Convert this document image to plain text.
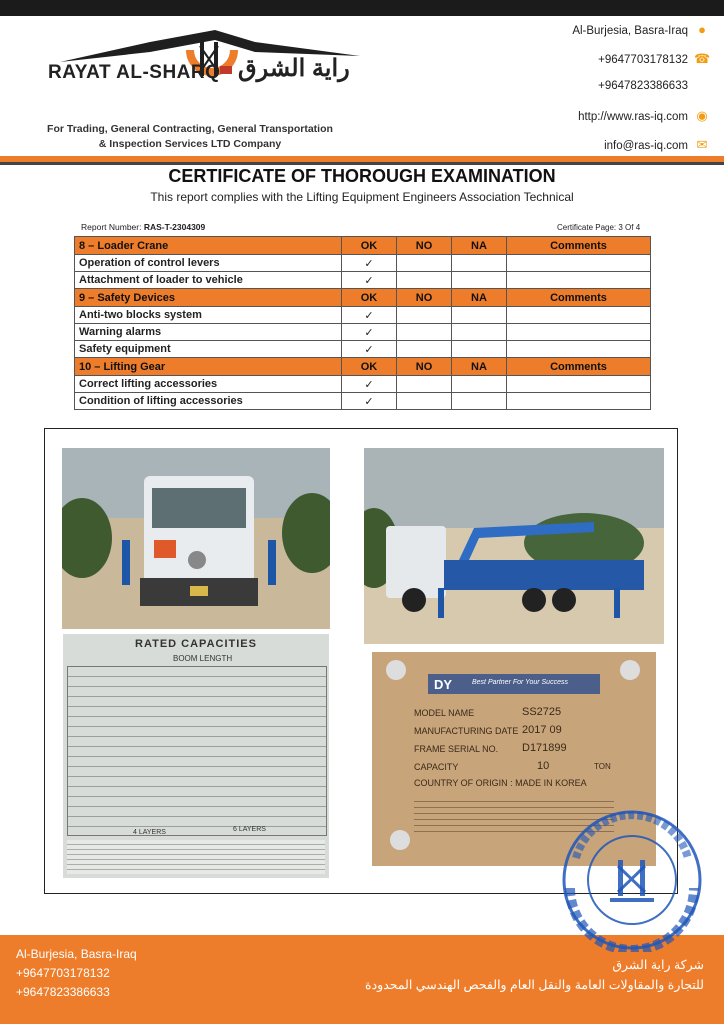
RAYAT AL-SHARQ راية الشرق
For Trading, General Contracting, General Transportation
& Inspection Services LTD Company
Al-Burjesia, Basra-Iraq ●
+9647703178132 ☎
+9647823386633
http://www.ras-iq.com ◉
info@ras-iq.com ✉
CERTIFICATE OF THOROUGH EXAMINATION
This report complies with the Lifting Equipment Engineers Association Technical
Report Number: RAS-T-2304309	Certificate Page: 3 Of 4
8 – Loader Crane	OK	NO	NA	Comments
Operation of control levers	✓			
Attachment of loader to vehicle	✓			
9 – Safety Devices	OK	NO	NA	Comments
Anti-two blocks system	✓			
Warning alarms	✓			
Safety equipment	✓			
10 – Lifting Gear	OK	NO	NA	Comments
Correct lifting accessories	✓			
Condition of lifting accessories	✓			
RATED CAPACITIES
BOOM LENGTH
4 LAYERS	6 LAYERS
DY	Best Partner For Your Success
MODEL NAME	SS2725
MANUFACTURING DATE 2017 09
FRAME SERIAL NO. D171899
CAPACITY	10	TON
COUNTRY OF ORIGIN : MADE IN KOREA
Al-Burjesia, Basra-Iraq
+9647703178132
+9647823386633
شركة راية الشرق
للتجارة والمقاولات العامة والنقل العام والفحص الهندسي المحدودة
